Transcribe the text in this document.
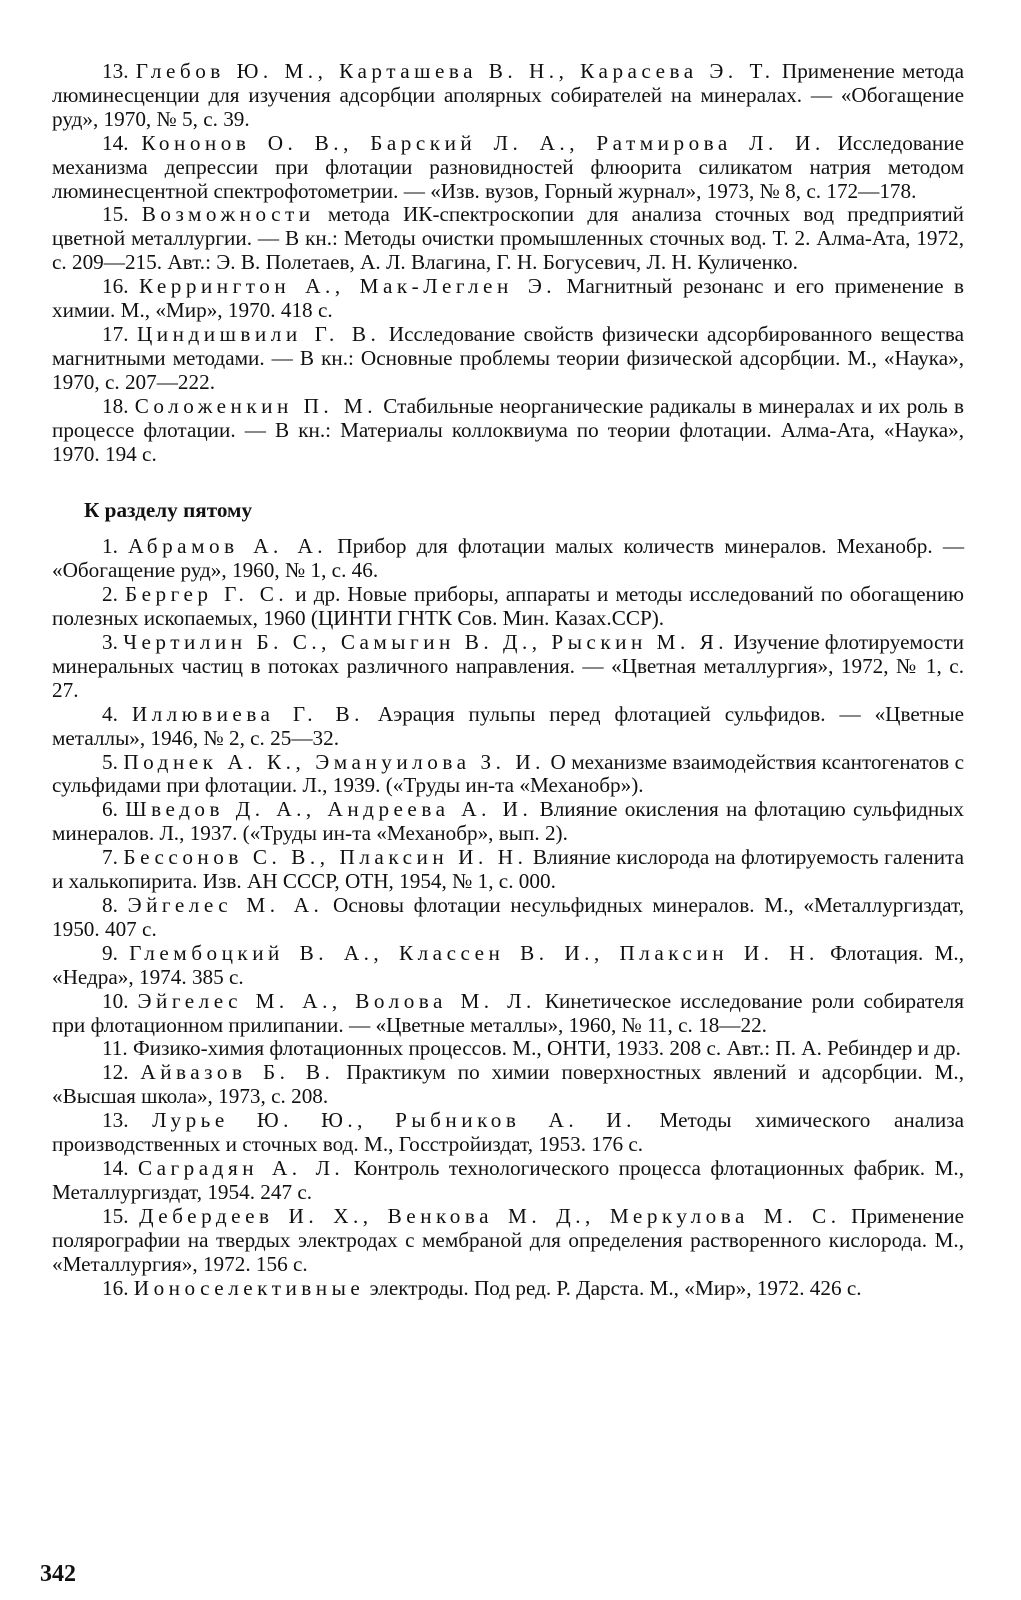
13. Глебов Ю. М., Карташева В. Н., Карасева Э. Т. Применение метода люминесценции для изучения адсорбции аполярных собирателей на минералах. — «Обогащение руд», 1970, № 5, с. 39.

14. Кононов О. В., Барский Л. А., Ратмирова Л. И. Исследование механизма депрессии при флотации разновидностей флюорита силикатом натрия методом люминесцентной спектрофотометрии. — «Изв. вузов, Горный журнал», 1973, № 8, с. 172—178.

15. Возможности метода ИК-спектроскопии для анализа сточных вод предприятий цветной металлургии. — В кн.: Методы очистки промышленных сточных вод. Т. 2. Алма-Ата, 1972, с. 209—215. Авт.: Э. В. Полетаев, А. Л. Влагина, Г. Н. Богусевич, Л. Н. Куличенко.

16. Керрингтон А., Мак-Леглен Э. Магнитный резонанс и его применение в химии. М., «Мир», 1970. 418 с.

17. Циндишвили Г. В. Исследование свойств физически адсорбированного вещества магнитными методами. — В кн.: Основные проблемы теории физической адсорбции. М., «Наука», 1970, с. 207—222.

18. Соложенкин П. М. Стабильные неорганические радикалы в минералах и их роль в процессе флотации. — В кн.: Материалы коллоквиума по теории флотации. Алма-Ата, «Наука», 1970. 194 с.

К разделу пятому

1. Абрамов А. А. Прибор для флотации малых количеств минералов. Механобр. — «Обогащение руд», 1960, № 1, с. 46.

2. Бергер Г. С. и др. Новые приборы, аппараты и методы исследований по обогащению полезных ископаемых, 1960 (ЦИНТИ ГНТК Сов. Мин. Казах.ССР).

3. Чертилин Б. С., Самыгин В. Д., Рыскин М. Я. Изучение флотируемости минеральных частиц в потоках различного направления. — «Цветная металлургия», 1972, № 1, с. 27.

4. Иллювиева Г. В. Аэрация пульпы перед флотацией сульфидов. — «Цветные металлы», 1946, № 2, с. 25—32.

5. Поднек А. К., Эмануилова З. И. О механизме взаимодействия ксантогенатов с сульфидами при флотации. Л., 1939. («Труды ин-та «Механобр»).

6. Шведов Д. А., Андреева А. И. Влияние окисления на флотацию сульфидных минералов. Л., 1937. («Труды ин-та «Механобр», вып. 2).

7. Бессонов С. В., Плаксин И. Н. Влияние кислорода на флотируемость галенита и халькопирита. Изв. АН СССР, ОТН, 1954, № 1, с. 000.

8. Эйгелес М. А. Основы флотации несульфидных минералов. М., «Металлургиздат, 1950. 407 с.

9. Глембоцкий В. А., Классен В. И., Плаксин И. Н. Флотация. М., «Недра», 1974. 385 с.

10. Эйгелес М. А., Волова М. Л. Кинетическое исследование роли собирателя при флотационном прилипании. — «Цветные металлы», 1960, № 11, с. 18—22.

11. Физико-химия флотационных процессов. М., ОНТИ, 1933. 208 с. Авт.: П. А. Ребиндер и др.

12. Айвазов Б. В. Практикум по химии поверхностных явлений и адсорбции. М., «Высшая школа», 1973, с. 208.

13. Лурье Ю. Ю., Рыбников А. И. Методы химического анализа производственных и сточных вод. М., Госстройиздат, 1953. 176 с.

14. Саградян А. Л. Контроль технологического процесса флотационных фабрик. М., Металлургиздат, 1954. 247 с.

15. Дебердеев И. Х., Венкова М. Д., Меркулова М. С. Применение полярографии на твердых электродах с мембраной для определения растворенного кислорода. М., «Металлургия», 1972. 156 с.

16. Ионоселективные электроды. Под ред. Р. Дарста. М., «Мир», 1972. 426 с.

342
